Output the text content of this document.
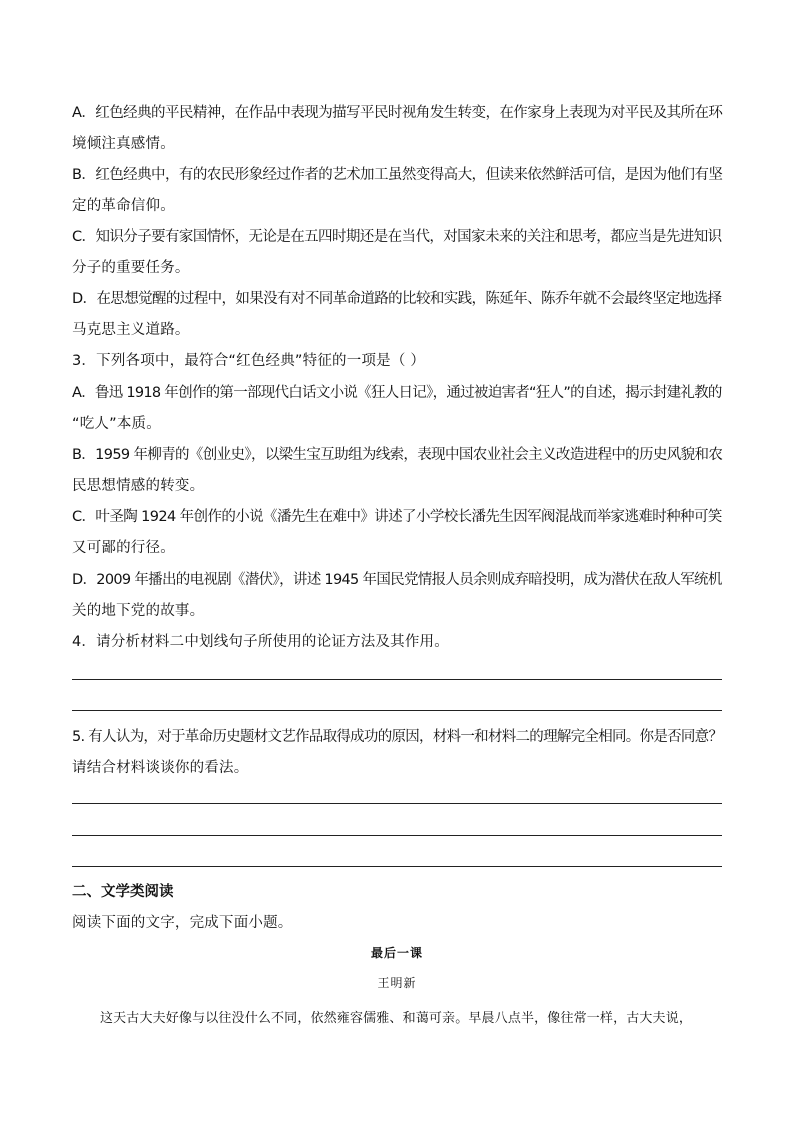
A．红色经典的平民精神，在作品中表现为描写平民时视角发生转变，在作家身上表现为对平民及其所在环
境倾注真感情。
B．红色经典中，有的农民形象经过作者的艺术加工虽然变得高大，但读来依然鲜活可信，是因为他们有坚
定的革命信仰。
C．知识分子要有家国情怀，无论是在五四时期还是在当代，对国家未来的关注和思考，都应当是先进知识
分子的重要任务。
D．在思想觉醒的过程中，如果没有对不同革命道路的比较和实践，陈延年、陈乔年就不会最终坚定地选择
马克思主义道路。
3．下列各项中，最符合“红色经典”特征的一项是（ ）
A．鲁迅 1918 年创作的第一部现代白话文小说《狂人日记》，通过被迫害者“狂人”的自述，揭示封建礼教的
“吃人”本质。
B．1959 年柳青的《创业史》，以梁生宝互助组为线索，表现中国农业社会主义改造进程中的历史风貌和农
民思想情感的转变。
C．叶圣陶 1924 年创作的小说《潘先生在难中》讲述了小学校长潘先生因军阀混战而举家逃难时种种可笑
又可鄙的行径。
D．2009 年播出的电视剧《潜伏》，讲述 1945 年国民党情报人员余则成弃暗投明，成为潜伏在敌人军统机
关的地下党的故事。
4．请分析材料二中划线句子所使用的论证方法及其作用。
5. 有人认为，对于革命历史题材文艺作品取得成功的原因，材料一和材料二的理解完全相同。你是否同意？
请结合材料谈谈你的看法。
二、文学类阅读
阅读下面的文字，完成下面小题。
最后一课
王明新
这天古大夫好像与以往没什么不同，依然雍容儒雅、和蔼可亲。早晨八点半，像往常一样，古大夫说，
